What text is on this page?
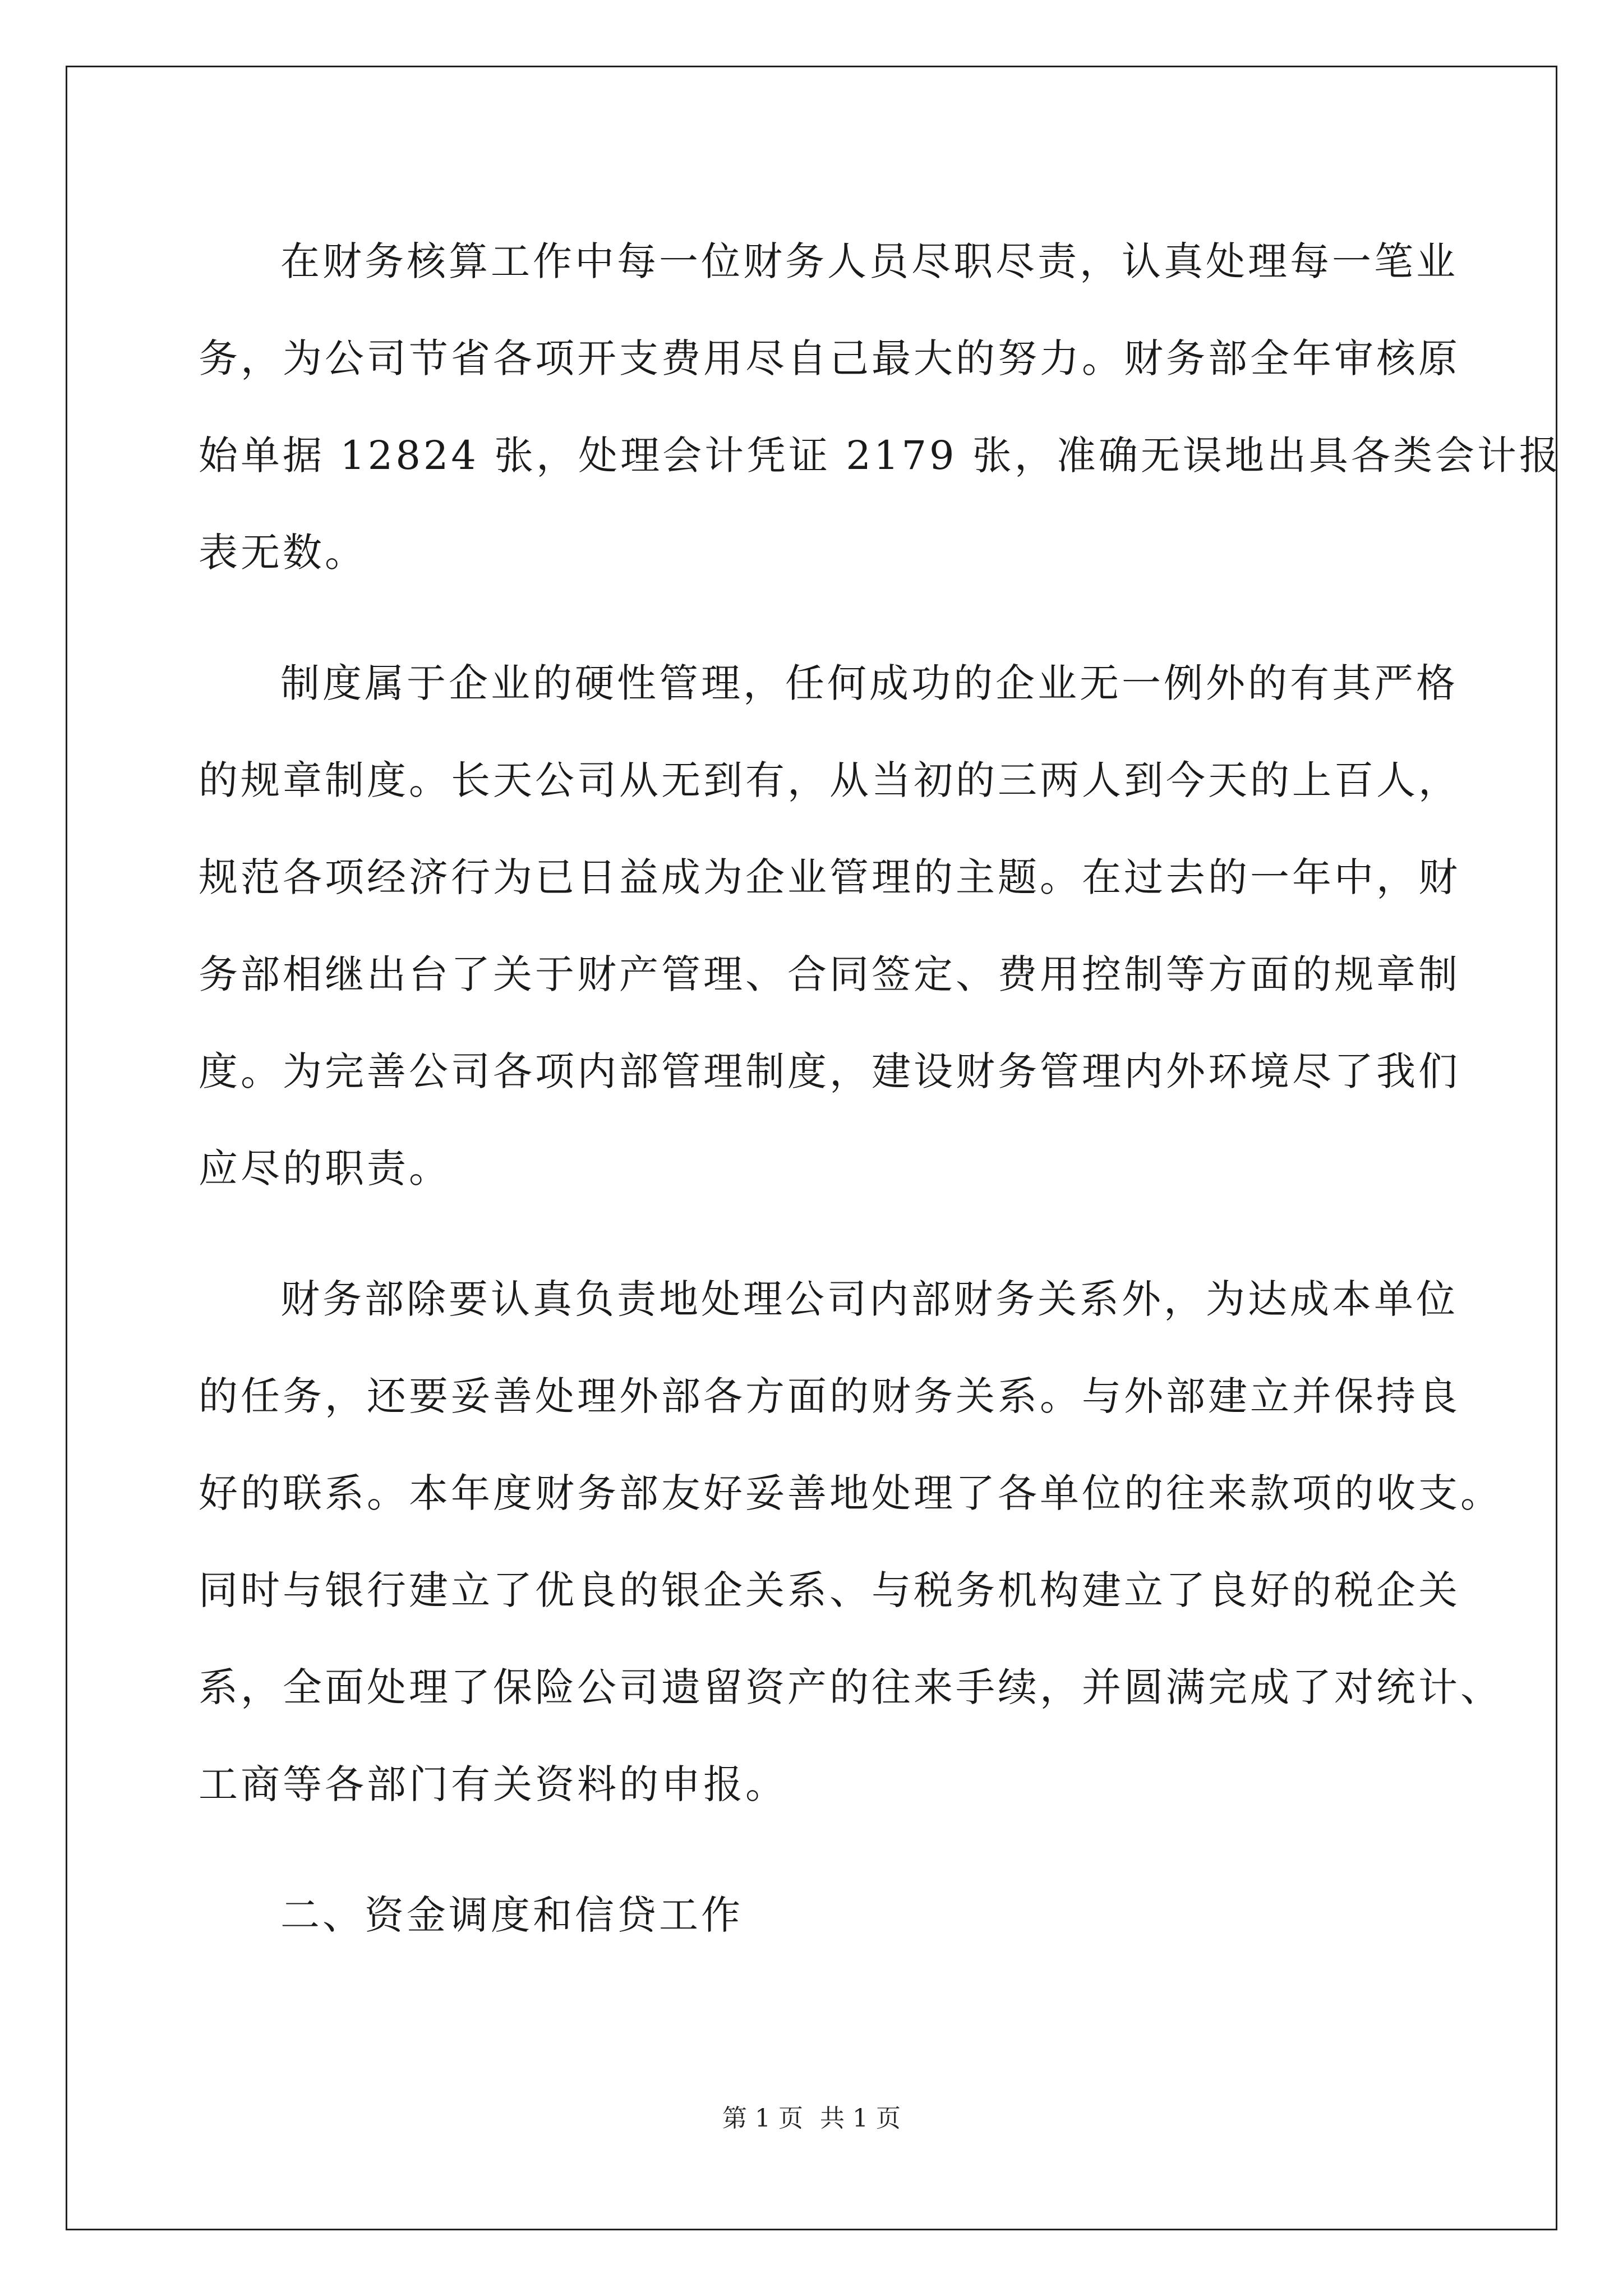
在财务核算工作中每一位财务人员尽职尽责，认真处理每一笔业
务，为公司节省各项开支费用尽自己最大的努力。财务部全年审核原
始单据 12824 张，处理会计凭证 2179 张，准确无误地出具各类会计报
表无数。
制度属于企业的硬性管理，任何成功的企业无一例外的有其严格
的规章制度。长天公司从无到有，从当初的三两人到今天的上百人，
规范各项经济行为已日益成为企业管理的主题。在过去的一年中，财
务部相继出台了关于财产管理、合同签定、费用控制等方面的规章制
度。为完善公司各项内部管理制度，建设财务管理内外环境尽了我们
应尽的职责。
财务部除要认真负责地处理公司内部财务关系外，为达成本单位
的任务，还要妥善处理外部各方面的财务关系。与外部建立并保持良
好的联系。本年度财务部友好妥善地处理了各单位的往来款项的收支。
同时与银行建立了优良的银企关系、与税务机构建立了良好的税企关
系，全面处理了保险公司遗留资产的往来手续，并圆满完成了对统计、
工商等各部门有关资料的申报。
二、资金调度和信贷工作
第 1 页 共 1 页
